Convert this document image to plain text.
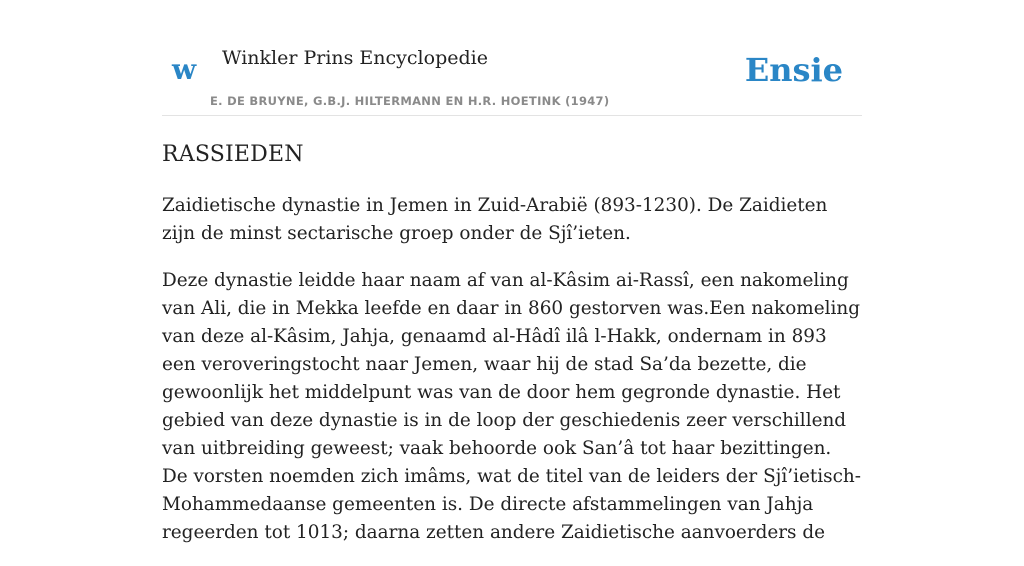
w Winkler Prins Encyclopedie
E. DE BRUYNE, G.B.J. HILTERMANN EN H.R. HOETINK (1947)
Ensie
RASSIEDEN

Zaidietische dynastie in Jemen in Zuid-Arabië (893-1230). De Zaidieten zijn de minst sectarische groep onder de Sjî’ieten.

Deze dynastie leidde haar naam af van al-Kâsim ai-Rassî, een nakomeling van Ali, die in Mekka leefde en daar in 860 gestorven was.Een nakomeling van deze al-Kâsim, Jahja, genaamd al-Hâdî ilâ l-Hakk, ondernam in 893 een veroveringstocht naar Jemen, waar hij de stad Sa’da bezette, die gewoonlijk het middelpunt was van de door hem gegronde dynastie. Het gebied van deze dynastie is in de loop der geschiedenis zeer verschillend van uitbreiding geweest; vaak behoorde ook San’â tot haar bezittingen. De vorsten noemden zich imâms, wat de titel van de leiders der Sjî’ietisch-Mohammedaanse gemeenten is. De directe afstammelingen van Jahja regeerden tot 1013; daarna zetten andere Zaidietische aanvoerders de
